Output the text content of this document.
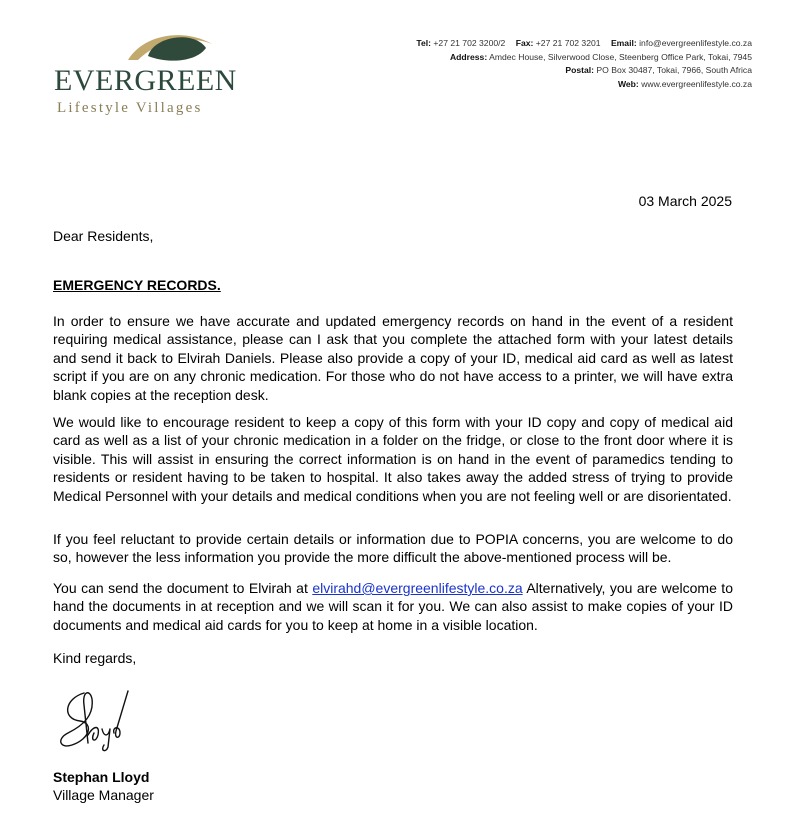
EVERGREEN
Lifestyle Villages
Tel: +27 21 702 3200/2 Fax: +27 21 702 3201 Email: info@evergreenlifestyle.co.za
Address: Amdec House, Silverwood Close, Steenberg Office Park, Tokai, 7945
Postal: PO Box 30487, Tokai, 7966, South Africa
Web: www.evergreenlifestyle.co.za
03 March 2025
Dear Residents,
EMERGENCY RECORDS.
In order to ensure we have accurate and updated emergency records on hand in the event of a resident requiring medical assistance, please can I ask that you complete the attached form with your latest details and send it back to Elvirah Daniels. Please also provide a copy of your ID, medical aid card as well as latest script if you are on any chronic medication. For those who do not have access to a printer, we will have extra blank copies at the reception desk.
We would like to encourage resident to keep a copy of this form with your ID copy and copy of medical aid card as well as a list of your chronic medication in a folder on the fridge, or close to the front door where it is visible. This will assist in ensuring the correct information is on hand in the event of paramedics tending to residents or resident having to be taken to hospital. It also takes away the added stress of trying to provide Medical Personnel with your details and medical conditions when you are not feeling well or are disorientated.
If you feel reluctant to provide certain details or information due to POPIA concerns, you are welcome to do so, however the less information you provide the more difficult the above-mentioned process will be.
You can send the document to Elvirah at elvirahd@evergreenlifestyle.co.za Alternatively, you are welcome to hand the documents in at reception and we will scan it for you. We can also assist to make copies of your ID documents and medical aid cards for you to keep at home in a visible location.
Kind regards,
Stephan Lloyd
Village Manager
